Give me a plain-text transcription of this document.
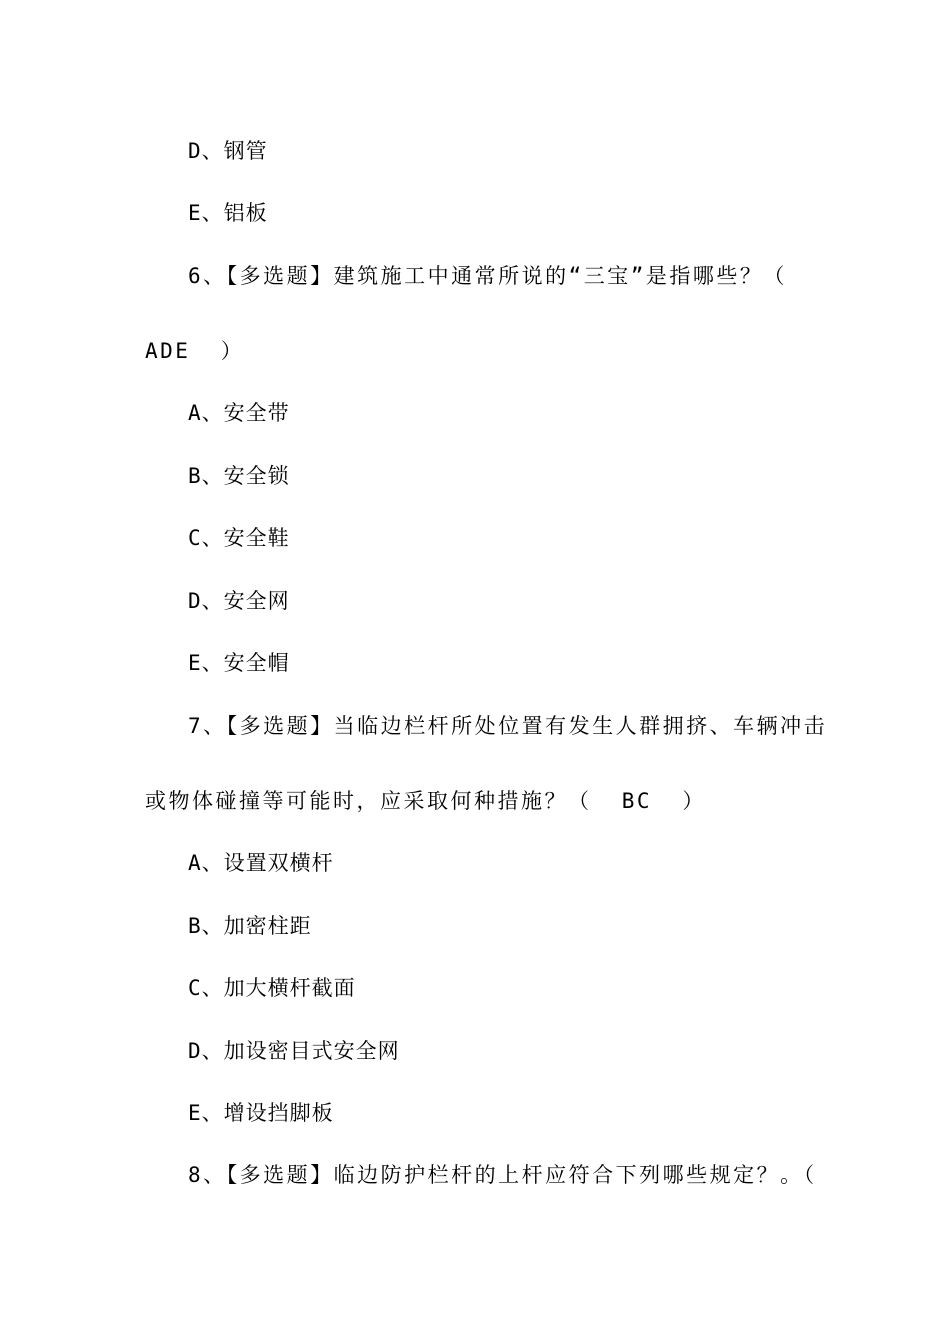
D、钢管
E、铝板
6、【多选题】建筑施工中通常所说的“三宝”是指哪些？（
ADE  ）
A、安全带
B、安全锁
C、安全鞋
D、安全网
E、安全帽
7、【多选题】当临边栏杆所处位置有发生人群拥挤、车辆冲击
或物体碰撞等可能时，应采取何种措施？（  BC  ）
A、设置双横杆
B、加密柱距
C、加大横杆截面
D、加设密目式安全网
E、增设挡脚板
8、【多选题】临边防护栏杆的上杆应符合下列哪些规定？。（
